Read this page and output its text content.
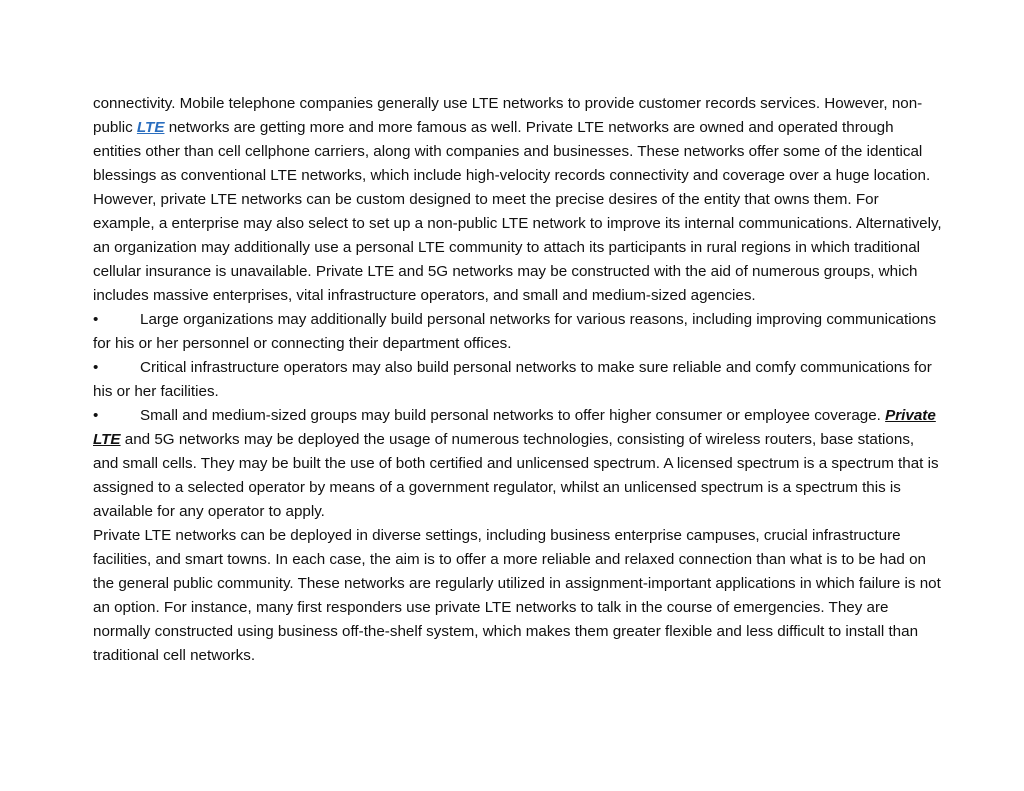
connectivity. Mobile telephone companies generally use LTE networks to provide customer records services. However, non-public LTE networks are getting more and more famous as well. Private LTE networks are owned and operated through entities other than cell cellphone carriers, along with companies and businesses. These networks offer some of the identical blessings as conventional LTE networks, which include high-velocity records connectivity and coverage over a huge location. However, private LTE networks can be custom designed to meet the precise desires of the entity that owns them. For example, a enterprise may also select to set up a non-public LTE network to improve its internal communications. Alternatively, an organization may additionally use a personal LTE community to attach its participants in rural regions in which traditional cellular insurance is unavailable. Private LTE and 5G networks may be constructed with the aid of numerous groups, which includes massive enterprises, vital infrastructure operators, and small and medium-sized agencies.

•	Large organizations may additionally build personal networks for various reasons, including improving communications for his or her personnel or connecting their department offices.

•	Critical infrastructure operators may also build personal networks to make sure reliable and comfy communications for his or her facilities.

•	Small and medium-sized groups may build personal networks to offer higher consumer or employee coverage. Private LTE and 5G networks may be deployed the usage of numerous technologies, consisting of wireless routers, base stations, and small cells. They may be built the use of both certified and unlicensed spectrum. A licensed spectrum is a spectrum that is assigned to a selected operator by means of a government regulator, whilst an unlicensed spectrum is a spectrum this is available for any operator to apply.

Private LTE networks can be deployed in diverse settings, including business enterprise campuses, crucial infrastructure facilities, and smart towns. In each case, the aim is to offer a more reliable and relaxed connection than what is to be had on the general public community. These networks are regularly utilized in assignment-important applications in which failure is not an option. For instance, many first responders use private LTE networks to talk in the course of emergencies. They are normally constructed using business off-the-shelf system, which makes them greater flexible and less difficult to install than traditional cell networks.
